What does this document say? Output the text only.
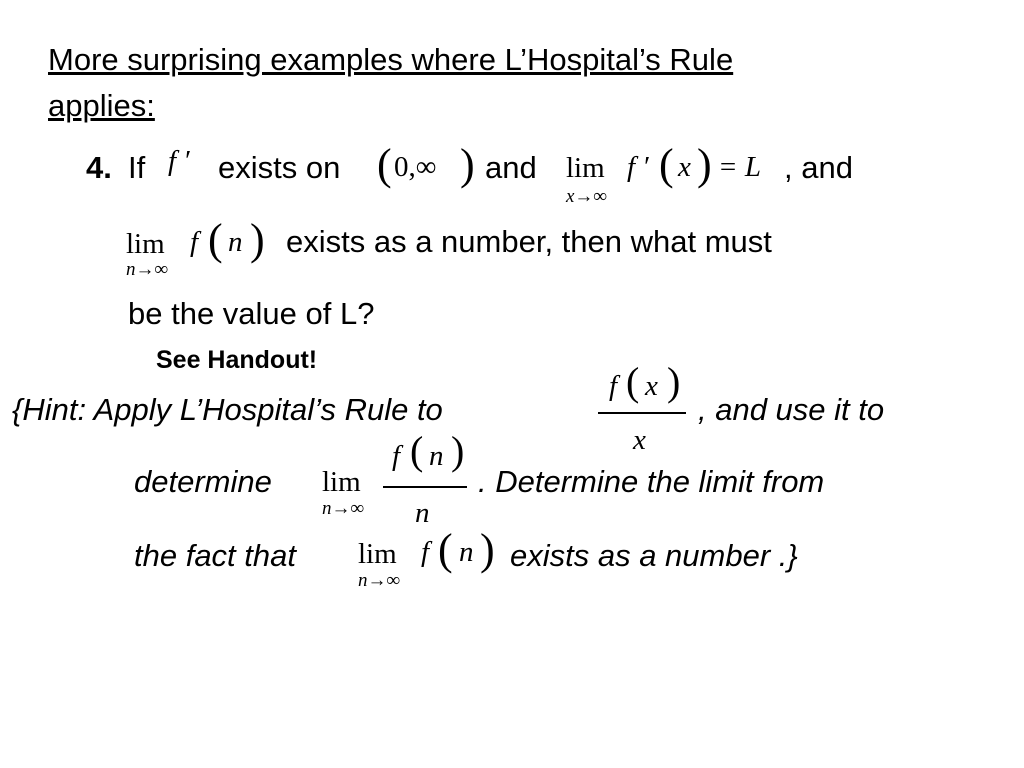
More surprising examples where L’Hospital’s Rule
applies:
4. If f ′ exists on ( 0,∞ ) and lim
x→∞
f ′ ( x ) = L , and
lim
n→∞
f ( n ) exists as a number, then what must
be the value of L?
See Handout!
{Hint: Apply L’Hospital’s Rule to
f ( x )
x
, and use it to
determine lim
n→∞
f ( n )
n
. Determine the limit from
the fact that lim
n→∞
f ( n ) exists as a number .}
